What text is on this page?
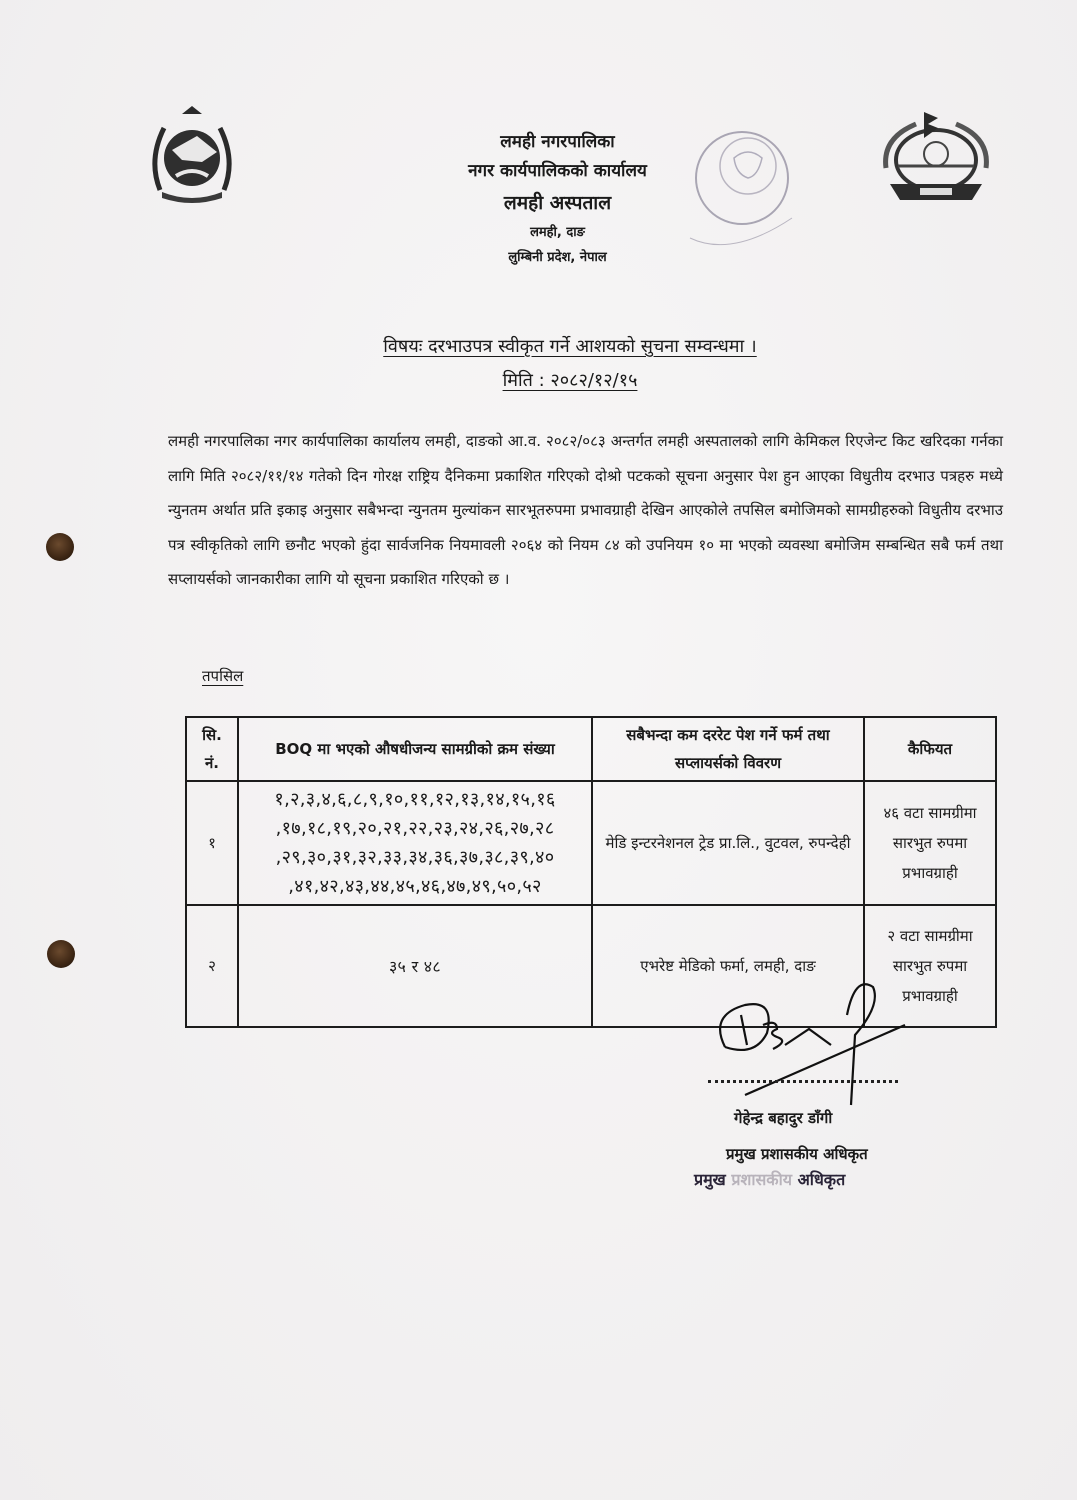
लमही नगरपालिका
नगर कार्यपालिकको कार्यालय
लमही अस्पताल
लमही, दाङ
लुम्बिनी प्रदेश, नेपाल
विषयः दरभाउपत्र स्वीकृत गर्ने आशयको सुचना सम्वन्धमा ।
मिति : २०८२/१२/१५
लमही नगरपालिका नगर कार्यपालिका कार्यालय लमही, दाङको आ.व. २०८२/०८३ अन्तर्गत लमही अस्पतालको लागि केमिकल रिएजेन्ट किट खरिदका गर्नका लागि मिति २०८२/११/१४ गतेको दिन गोरक्ष राष्ट्रिय दैनिकमा प्रकाशित गरिएको दोश्रो पटकको सूचना अनुसार पेश हुन आएका विधुतीय दरभाउ पत्रहरु मध्ये न्युनतम अर्थात प्रति इकाइ अनुसार सबैभन्दा न्युनतम मुल्यांकन सारभूतरुपमा प्रभावग्राही देखिन आएकोले तपसिल बमोजिमको सामग्रीहरुको विधुतीय दरभाउ पत्र स्वीकृतिको लागि छनौट भएको हुंदा सार्वजनिक नियमावली २०६४ को नियम ८४ को उपनियम १० मा भएको व्यवस्था बमोजिम सम्बन्धित सबै फर्म तथा सप्लायर्सको जानकारीका लागि यो सूचना प्रकाशित गरिएको छ ।
तपसिल
सि. नं.	BOQ मा भएको औषधीजन्य सामग्रीको क्रम संख्या	सबैभन्दा कम दररेट पेश गर्ने फर्म तथा सप्लायर्सको विवरण	कैफियत
१	१,२,३,४,६,८,९,१०,११,१२,१३,१४,१५,१६ ,१७,१८,१९,२०,२१,२२,२३,२४,२६,२७,२८ ,२९,३०,३१,३२,३३,३४,३६,३७,३८,३९,४० ,४१,४२,४३,४४,४५,४६,४७,४९,५०,५२	मेडि इन्टरनेशनल ट्रेड प्रा.लि., वुटवल, रुपन्देही	४६ वटा सामग्रीमा सारभुत रुपमा प्रभावग्राही
२	३५ र ४८	एभरेष्ट मेडिको फर्मा, लमही, दाङ	२ वटा सामग्रीमा सारभुत रुपमा प्रभावग्राही
गेहेन्द्र बहादुर डाँगी
प्रमुख प्रशासकीय अधिकृत
प्रमुख प्रशासकीय अधिकृत
